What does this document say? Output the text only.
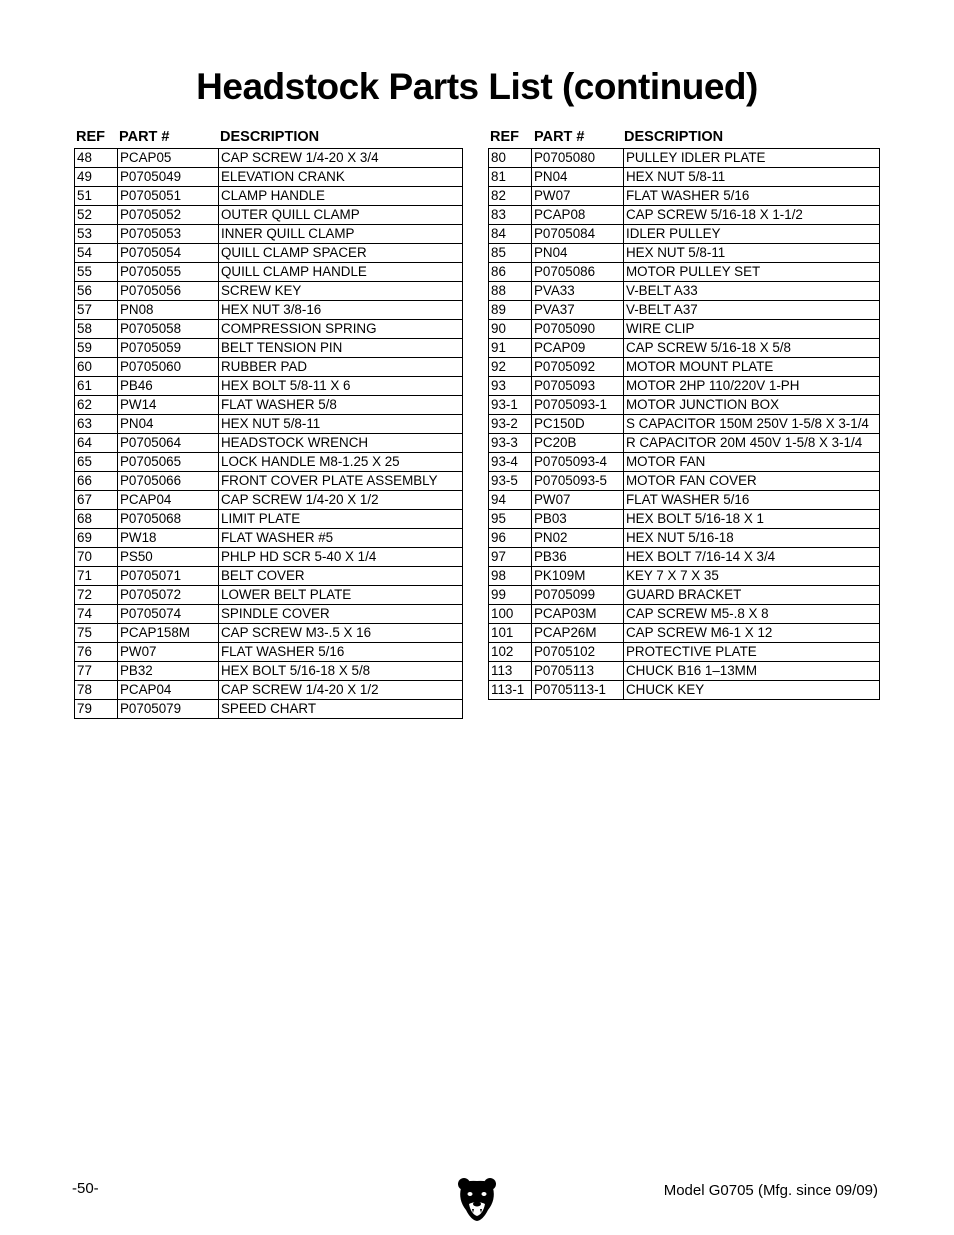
Headstock Parts List (continued)
REF PART #	DESCRIPTION
48	PCAP05	CAP SCREW 1/4-20 X 3/4
49	P0705049	ELEVATION CRANK
51	P0705051	CLAMP HANDLE
52	P0705052	OUTER QUILL CLAMP
53	P0705053	INNER QUILL CLAMP
54	P0705054	QUILL CLAMP SPACER
55	P0705055	QUILL CLAMP HANDLE
56	P0705056	SCREW KEY
57	PN08	HEX NUT 3/8-16
58	P0705058	COMPRESSION SPRING
59	P0705059	BELT TENSION PIN
60	P0705060	RUBBER PAD
61	PB46	HEX BOLT 5/8-11 X 6
62	PW14	FLAT WASHER 5/8
63	PN04	HEX NUT 5/8-11
64	P0705064	HEADSTOCK WRENCH
65	P0705065	LOCK HANDLE M8-1.25 X 25
66	P0705066	FRONT COVER PLATE ASSEMBLY
67	PCAP04	CAP SCREW 1/4-20 X 1/2
68	P0705068	LIMIT PLATE
69	PW18	FLAT WASHER #5
70	PS50	PHLP HD SCR 5-40 X 1/4
71	P0705071	BELT COVER
72	P0705072	LOWER BELT PLATE
74	P0705074	SPINDLE COVER
75	PCAP158M	CAP SCREW M3-.5 X 16
76	PW07	FLAT WASHER 5/16
77	PB32	HEX BOLT 5/16-18 X 5/8
78	PCAP04	CAP SCREW 1/4-20 X 1/2
79	P0705079	SPEED CHART
REF	PART #	DESCRIPTION
80	P0705080	PULLEY IDLER PLATE
81	PN04	HEX NUT 5/8-11
82	PW07	FLAT WASHER 5/16
83	PCAP08	CAP SCREW 5/16-18 X 1-1/2
84	P0705084	IDLER PULLEY
85	PN04	HEX NUT 5/8-11
86	P0705086	MOTOR PULLEY SET
88	PVA33	V-BELT A33
89	PVA37	V-BELT A37
90	P0705090	WIRE CLIP
91	PCAP09	CAP SCREW 5/16-18 X 5/8
92	P0705092	MOTOR MOUNT PLATE
93	P0705093	MOTOR 2HP 110/220V 1-PH
93-1	P0705093-1	MOTOR JUNCTION BOX
93-2	PC150D	S CAPACITOR 150M 250V 1-5/8 X 3-1/4
93-3	PC20B	R CAPACITOR 20M 450V 1-5/8 X 3-1/4
93-4	P0705093-4	MOTOR FAN
93-5	P0705093-5	MOTOR FAN COVER
94	PW07	FLAT WASHER 5/16
95	PB03	HEX BOLT 5/16-18 X 1
96	PN02	HEX NUT 5/16-18
97	PB36	HEX BOLT 7/16-14 X 3/4
98	PK109M	KEY 7 X 7 X 35
99	P0705099	GUARD BRACKET
100	PCAP03M	CAP SCREW M5-.8 X 8
101	PCAP26M	CAP SCREW M6-1 X 12
102	P0705102	PROTECTIVE PLATE
113	P0705113	CHUCK B16 1–13MM
113-1	P0705113-1	CHUCK KEY
-50-	Model G0705 (Mfg. since 09/09)
